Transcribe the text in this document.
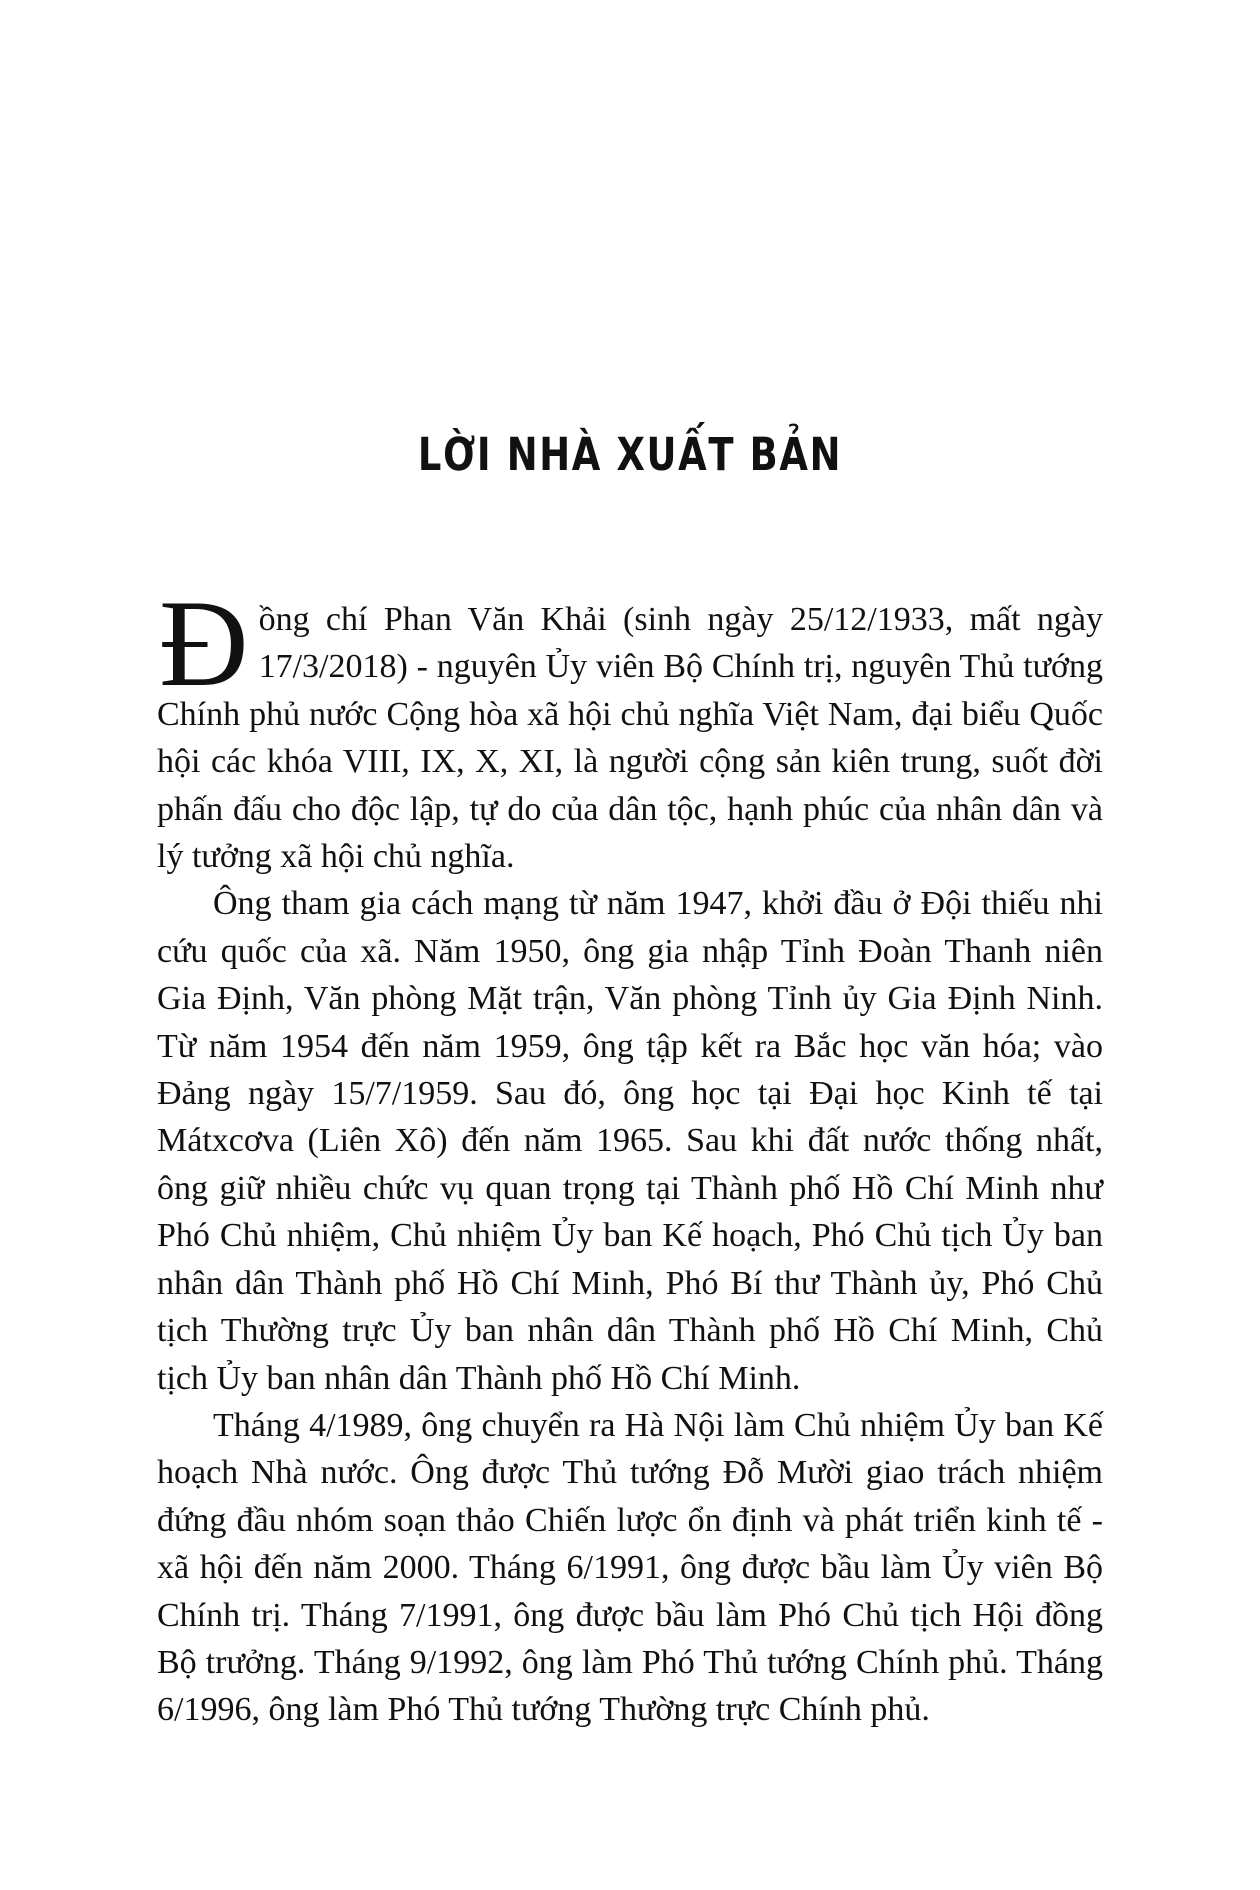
LỜI NHÀ XUẤT BẢN

Đồng chí Phan Văn Khải (sinh ngày 25/12/1933, mất ngày 17/3/2018) - nguyên Ủy viên Bộ Chính trị, nguyên Thủ tướng Chính phủ nước Cộng hòa xã hội chủ nghĩa Việt Nam, đại biểu Quốc hội các khóa VIII, IX, X, XI, là người cộng sản kiên trung, suốt đời phấn đấu cho độc lập, tự do của dân tộc, hạnh phúc của nhân dân và lý tưởng xã hội chủ nghĩa.

Ông tham gia cách mạng từ năm 1947, khởi đầu ở Đội thiếu nhi cứu quốc của xã. Năm 1950, ông gia nhập Tỉnh Đoàn Thanh niên Gia Định, Văn phòng Mặt trận, Văn phòng Tỉnh ủy Gia Định Ninh. Từ năm 1954 đến năm 1959, ông tập kết ra Bắc học văn hóa; vào Đảng ngày 15/7/1959. Sau đó, ông học tại Đại học Kinh tế tại Mátxcơva (Liên Xô) đến năm 1965. Sau khi đất nước thống nhất, ông giữ nhiều chức vụ quan trọng tại Thành phố Hồ Chí Minh như Phó Chủ nhiệm, Chủ nhiệm Ủy ban Kế hoạch, Phó Chủ tịch Ủy ban nhân dân Thành phố Hồ Chí Minh, Phó Bí thư Thành ủy, Phó Chủ tịch Thường trực Ủy ban nhân dân Thành phố Hồ Chí Minh, Chủ tịch Ủy ban nhân dân Thành phố Hồ Chí Minh.

Tháng 4/1989, ông chuyển ra Hà Nội làm Chủ nhiệm Ủy ban Kế hoạch Nhà nước. Ông được Thủ tướng Đỗ Mười giao trách nhiệm đứng đầu nhóm soạn thảo Chiến lược ổn định và phát triển kinh tế - xã hội đến năm 2000. Tháng 6/1991, ông được bầu làm Ủy viên Bộ Chính trị. Tháng 7/1991, ông được bầu làm Phó Chủ tịch Hội đồng Bộ trưởng. Tháng 9/1992, ông làm Phó Thủ tướng Chính phủ. Tháng 6/1996, ông làm Phó Thủ tướng Thường trực Chính phủ.
